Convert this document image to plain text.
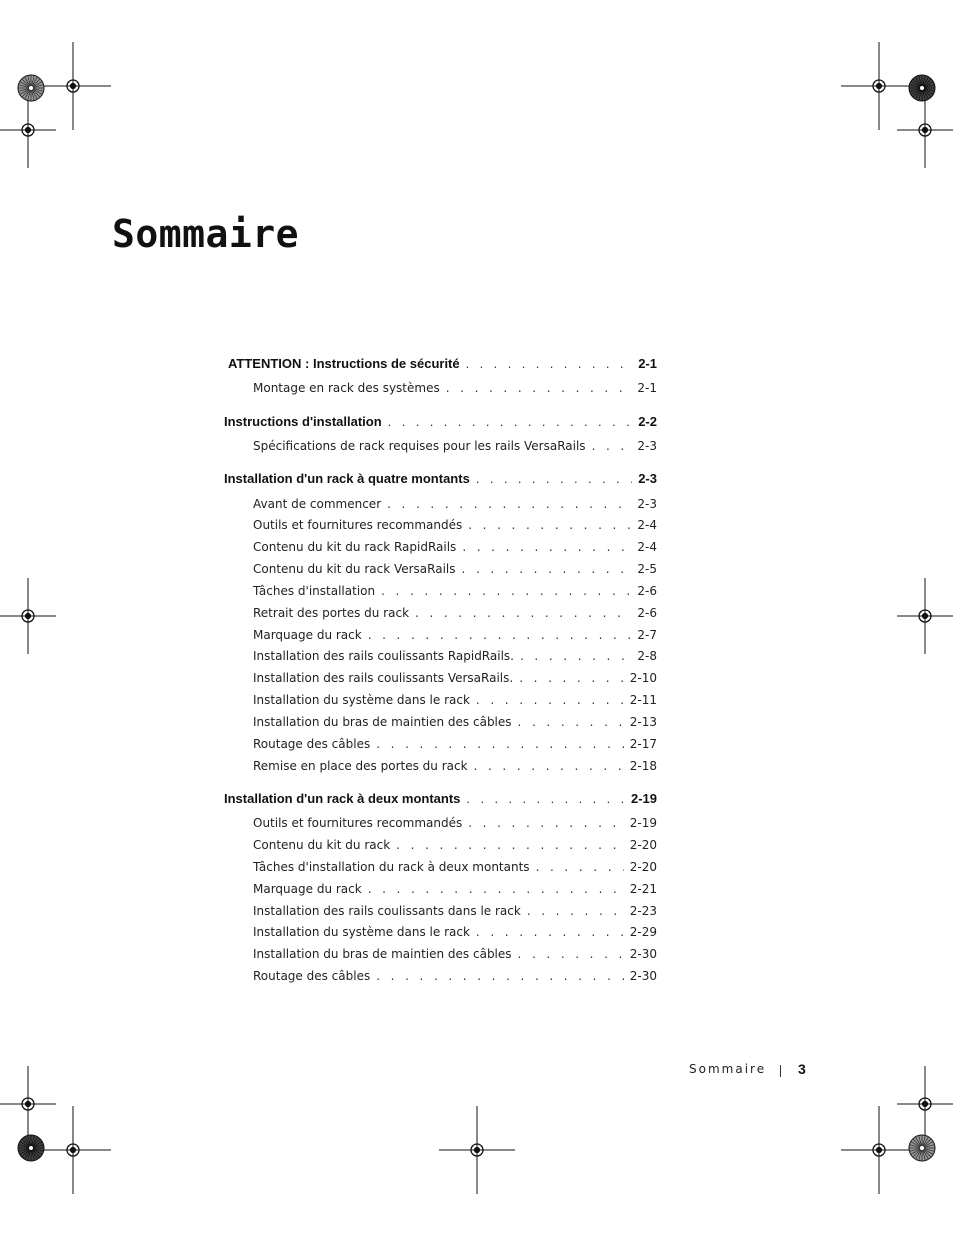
Sommaire
ATTENTION : Instructions de sécurité . . .	2-1
Montage en rack des systèmes . . .	2-1
Instructions d'installation . . .	2-2
Spécifications de rack requises pour les rails VersaRails . . .	2-3
Installation d'un rack à quatre montants . . .	2-3
Avant de commencer . . .	2-3
Outils et fournitures recommandés . . .	2-4
Contenu du kit du rack RapidRails . . .	2-4
Contenu du kit du rack VersaRails . . .	2-5
Tâches d'installation . . .	2-6
Retrait des portes du rack . . .	2-6
Marquage du rack . . .	2-7
Installation des rails coulissants RapidRails. . . .	2-8
Installation des rails coulissants VersaRails. . . .	2-10
Installation du système dans le rack . . .	2-11
Installation du bras de maintien des câbles . . .	2-13
Routage des câbles . . .	2-17
Remise en place des portes du rack . . .	2-18
Installation d'un rack à deux montants . . .	2-19
Outils et fournitures recommandés . . .	2-19
Contenu du kit du rack . . .	2-20
Tâches d'installation du rack à deux montants . . .	2-20
Marquage du rack . . .	2-21
Installation des rails coulissants dans le rack . . .	2-23
Installation du système dans le rack . . .	2-29
Installation du bras de maintien des câbles . . .	2-30
Routage des câbles . . .	2-30
Sommaire 3
